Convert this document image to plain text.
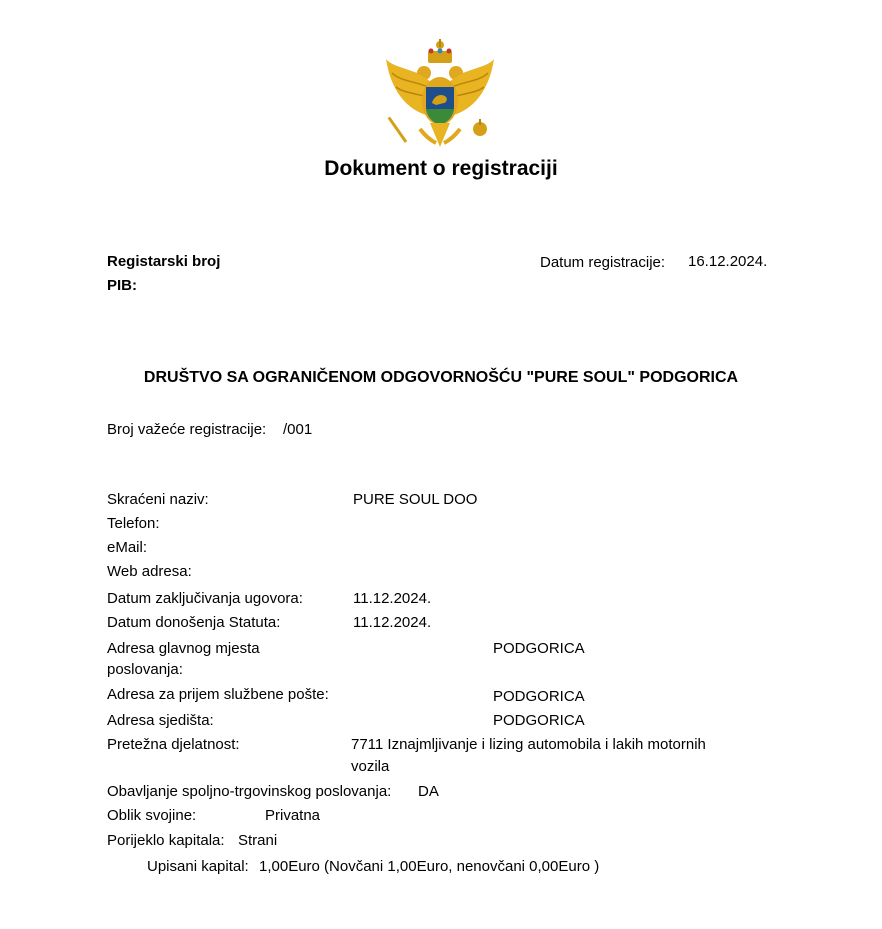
Dokument o registraciji
Registarski broj
PIB:
Datum registracije: 16.12.2024.
DRUŠTVO SA OGRANIČENOM ODGOVORNOŠĆU "PURE SOUL" PODGORICA
Broj važeće registracije: /001
Skraćeni naziv:	PURE SOUL DOO
Telefon:
eMail:
Web adresa:
Datum zaključivanja ugovora:	11.12.2024.
Datum donošenja Statuta:	11.12.2024.
Adresa glavnog mjesta
poslovanja:
PODGORICA
Adresa za prijem službene pošte:	PODGORICA
Adresa sjedišta:	PODGORICA
Pretežna djelatnost:	7711 Iznajmljivanje i lizing automobila i lakih motornih
vozila
Obavljanje spoljno-trgovinskog poslovanja: DA
Oblik svojine:	Privatna
Porijeklo kapitala: Strani
Upisani kapital: 1,00Euro (Novčani 1,00Euro, nenovčani 0,00Euro )
